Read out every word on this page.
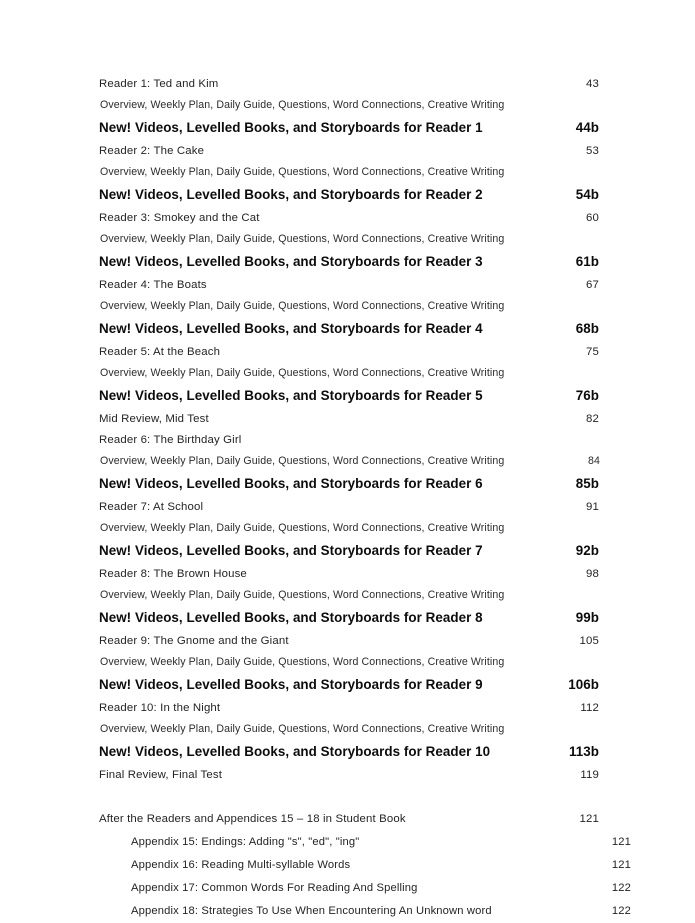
Reader 1: Ted and Kim	43
Overview, Weekly Plan, Daily Guide, Questions, Word Connections, Creative Writing
New! Videos, Levelled Books, and Storyboards for Reader 1	44b
Reader 2: The Cake	53
Overview, Weekly Plan, Daily Guide, Questions, Word Connections, Creative Writing
New! Videos, Levelled Books, and Storyboards for Reader 2	54b
Reader 3: Smokey and the Cat	60
Overview, Weekly Plan, Daily Guide, Questions, Word Connections, Creative Writing
New! Videos, Levelled Books, and Storyboards for Reader 3	61b
Reader 4: The Boats	67
Overview, Weekly Plan, Daily Guide, Questions, Word Connections, Creative Writing
New! Videos, Levelled Books, and Storyboards for Reader 4	68b
Reader 5: At the Beach	75
Overview, Weekly Plan, Daily Guide, Questions, Word Connections, Creative Writing
New! Videos, Levelled Books, and Storyboards for Reader 5	76b
Mid Review, Mid Test	82
Reader 6: The Birthday Girl
Overview, Weekly Plan, Daily Guide, Questions, Word Connections, Creative Writing	84
New! Videos, Levelled Books, and Storyboards for Reader 6	85b
Reader 7: At School	91
Overview, Weekly Plan, Daily Guide, Questions, Word Connections, Creative Writing
New! Videos, Levelled Books, and Storyboards for Reader 7	92b
Reader 8: The Brown House	98
Overview, Weekly Plan, Daily Guide, Questions, Word Connections, Creative Writing
New! Videos, Levelled Books, and Storyboards for Reader 8	99b
Reader 9: The Gnome and the Giant	105
Overview, Weekly Plan, Daily Guide, Questions, Word Connections, Creative Writing
New! Videos, Levelled Books, and Storyboards for Reader 9	106b
Reader 10: In the Night	112
Overview, Weekly Plan, Daily Guide, Questions, Word Connections, Creative Writing
New! Videos, Levelled Books, and Storyboards for Reader 10	113b
Final Review, Final Test	119
After the Readers and Appendices 15 – 18 in Student Book	121
Appendix 15: Endings: Adding "s", "ed", "ing"	121
Appendix 16: Reading Multi-syllable Words	121
Appendix 17: Common Words For Reading And Spelling	122
Appendix 18: Strategies To Use When Encountering An Unknown word	122
